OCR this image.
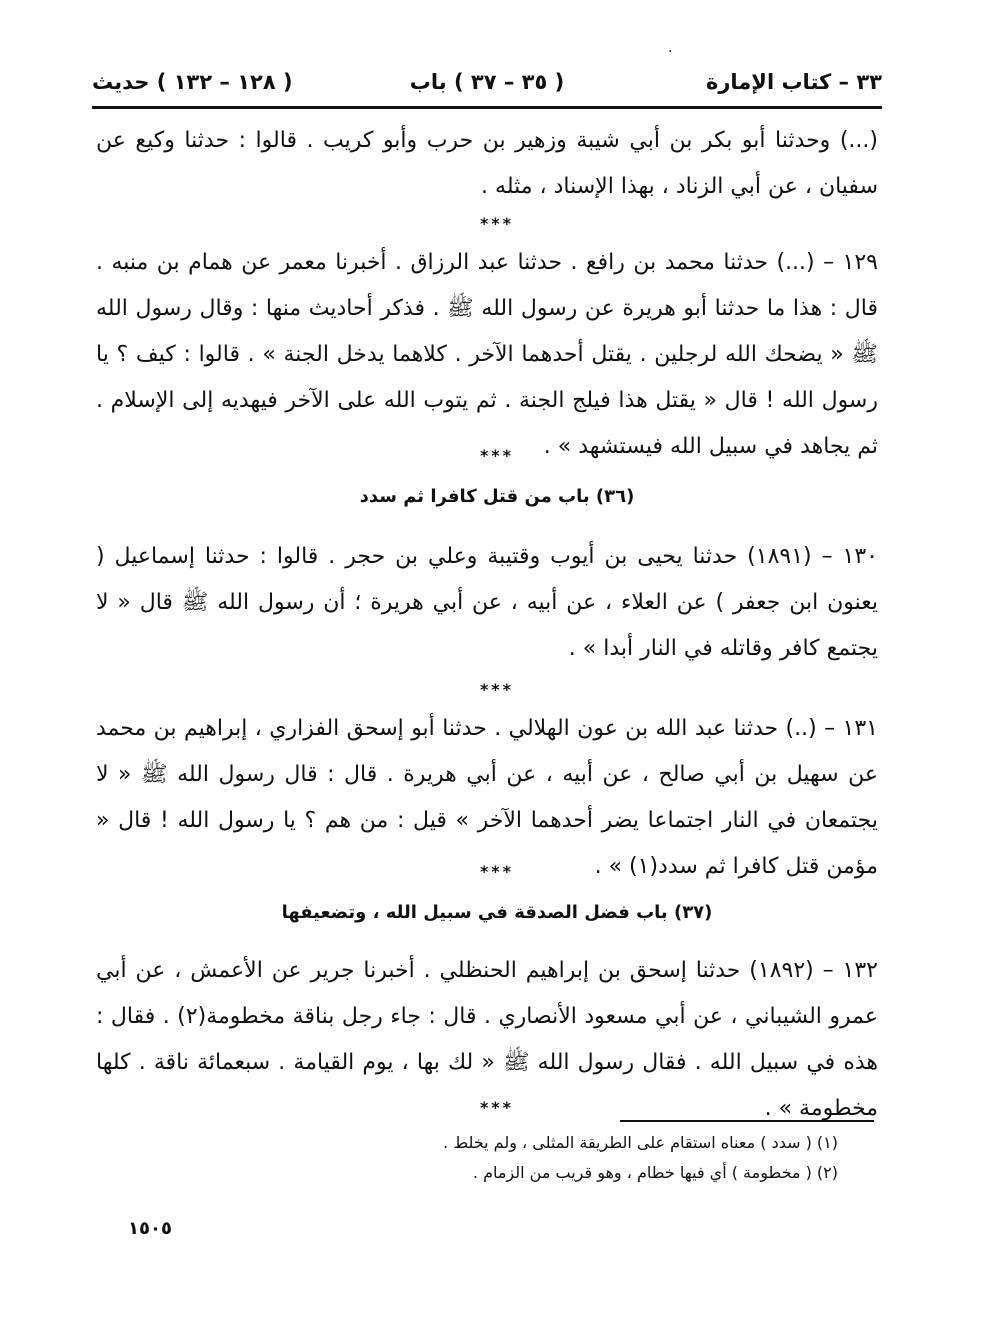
·
٣٣ – كتاب الإمارة
( ٣٥ – ٣٧ ) باب
( ١٢٨ – ١٣٢ ) حديث
(...) وحدثنا أبو بكر بن أبي شيبة وزهير بن حرب وأبو كريب . قالوا : حدثنا وكيع عن سفيان ، عن أبي الزناد ، بهذا الإسناد ، مثله .
***
١٢٩ – (...) حدثنا محمد بن رافع . حدثنا عبد الرزاق . أخبرنا معمر عن همام بن منبه . قال : هذا ما حدثنا أبو هريرة عن رسول الله ﷺ . فذكر أحاديث منها : وقال رسول الله ﷺ « يضحك الله لرجلين . يقتل أحدهما الآخر . كلاهما يدخل الجنة » . قالوا : كيف ؟ يا رسول الله ! قال « يقتل هذا فيلج الجنة . ثم يتوب الله على الآخر فيهديه إلى الإسلام . ثم يجاهد في سبيل الله فيستشهد » .
***
(٣٦) باب من قتل كافرا ثم سدد
١٣٠ – (١٨٩١) حدثنا يحيى بن أيوب وقتيبة وعلي بن حجر . قالوا : حدثنا إسماعيل ( يعنون ابن جعفر ) عن العلاء ، عن أبيه ، عن أبي هريرة ؛ أن رسول الله ﷺ قال « لا يجتمع كافر وقاتله في النار أبدا » .
***
١٣١ – (..) حدثنا عبد الله بن عون الهلالي . حدثنا أبو إسحق الفزاري ، إبراهيم بن محمد عن سهيل بن أبي صالح ، عن أبيه ، عن أبي هريرة . قال : قال رسول الله ﷺ « لا يجتمعان في النار اجتماعا يضر أحدهما الآخر » قيل : من هم ؟ يا رسول الله ! قال « مؤمن قتل كافرا ثم سدد(١) » .
***
(٣٧) باب فضل الصدقة في سبيل الله ، وتضعيفها
١٣٢ – (١٨٩٢) حدثنا إسحق بن إبراهيم الحنظلي . أخبرنا جرير عن الأعمش ، عن أبي عمرو الشيباني ، عن أبي مسعود الأنصاري . قال : جاء رجل بناقة مخطومة(٢) . فقال : هذه في سبيل الله . فقال رسول الله ﷺ « لك بها ، يوم القيامة . سبعمائة ناقة . كلها مخطومة » .
***
(١) ( سدد ) معناه استقام على الطريقة المثلى ، ولم يخلط .
(٢) ( مخطومة ) أي فيها خطام ، وهو قريب من الزمام .
١٥٠٥
